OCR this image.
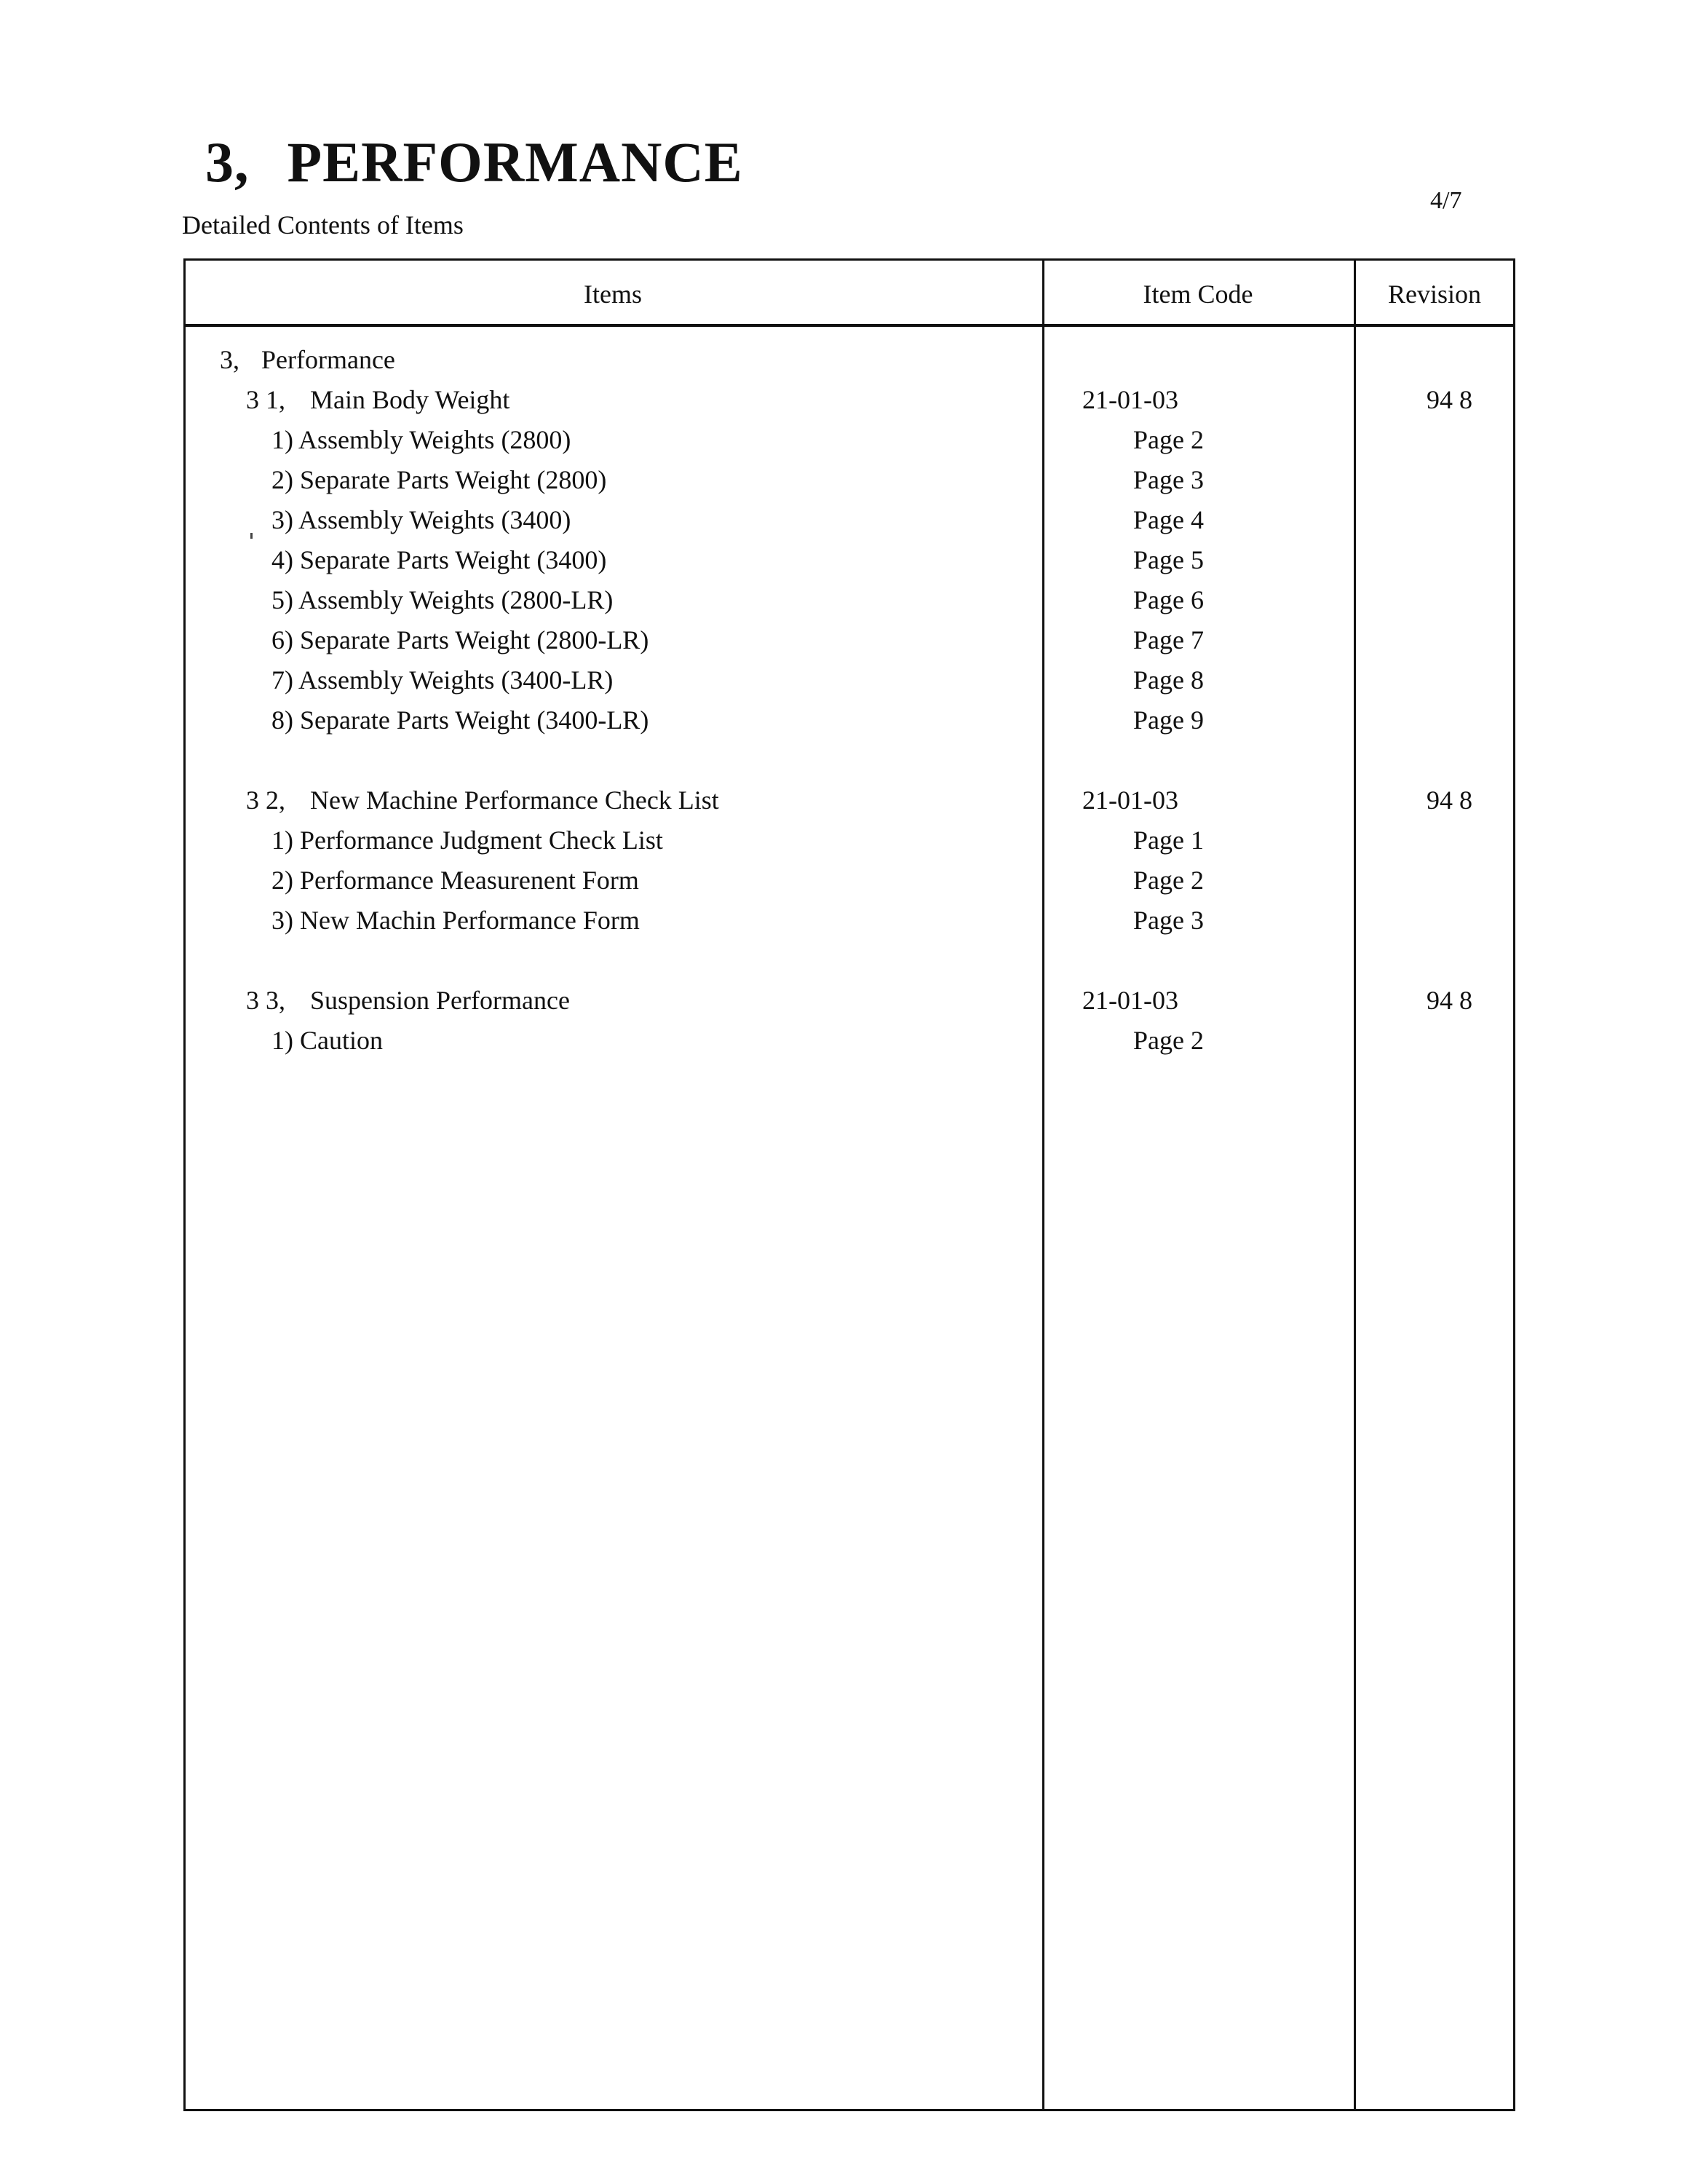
3, PERFORMANCE
Detailed Contents of Items
4/7
Items	Item Code	Revision
3, Performance
3 1, Main Body Weight	21-01-03	94 8
1) Assembly Weights (2800)	Page 2
2) Separate Parts Weight (2800)	Page 3
3) Assembly Weights (3400)	Page 4
4) Separate Parts Weight (3400)	Page 5
5) Assembly Weights (2800-LR)	Page 6
6) Separate Parts Weight (2800-LR)	Page 7
7) Assembly Weights (3400-LR)	Page 8
8) Separate Parts Weight (3400-LR)	Page 9
3 2, New Machine Performance Check List	21-01-03	94 8
1) Performance Judgment Check List	Page 1
2) Performance Measurenent Form	Page 2
3) New Machin Performance Form	Page 3
3 3, Suspension Performance	21-01-03	94 8
1) Caution	Page 2
